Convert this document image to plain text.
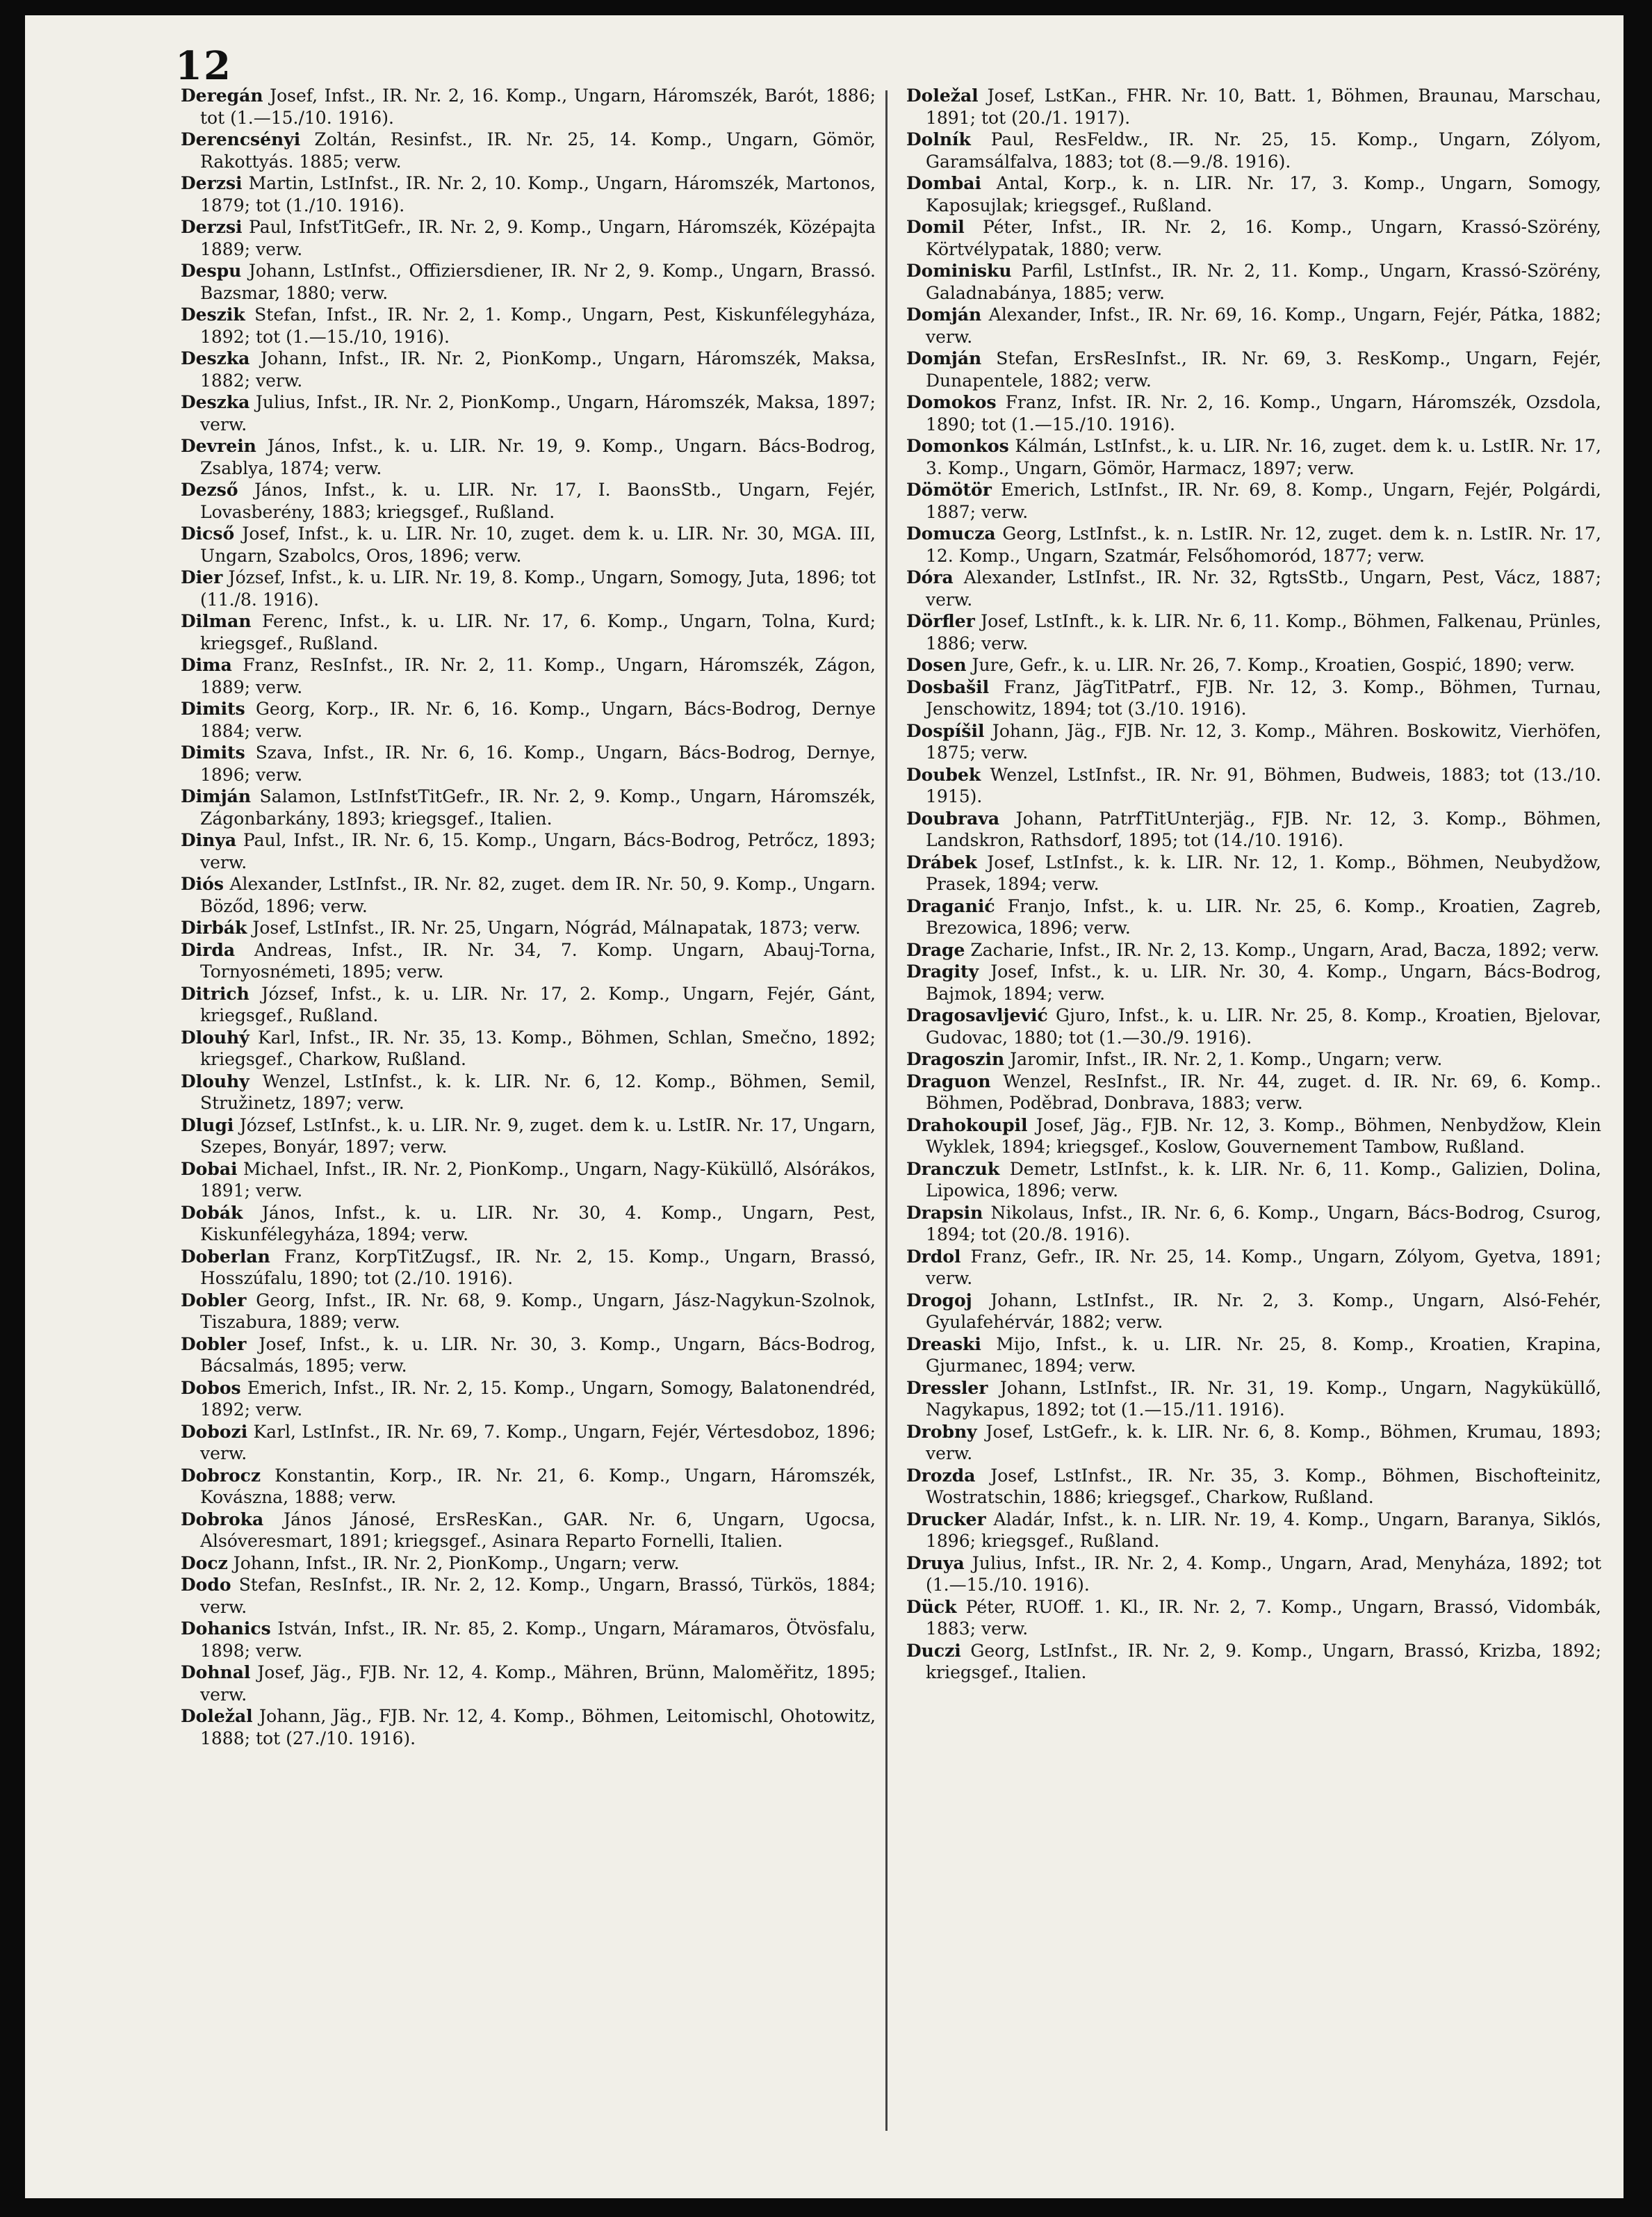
12

Deregán Josef, Infst., IR. Nr. 2, 16. Komp., Ungarn, Háromszék, Barót, 1886; tot (1.—15./10. 1916).

Derencsényi Zoltán, Resinfst., IR. Nr. 25, 14. Komp., Ungarn, Gömör, Rakottyás. 1885; verw.

Derzsi Martin, LstInfst., IR. Nr. 2, 10. Komp., Ungarn, Háromszék, Martonos, 1879; tot (1./10. 1916).

Derzsi Paul, InfstTitGefr., IR. Nr. 2, 9. Komp., Ungarn, Háromszék, Középajta 1889; verw.

Despu Johann, LstInfst., Offiziersdiener, IR. Nr 2, 9. Komp., Ungarn, Brassó. Bazsmar, 1880; verw.

Deszik Stefan, Infst., IR. Nr. 2, 1. Komp., Ungarn, Pest, Kiskunfélegyháza, 1892; tot (1.—15./10, 1916).

Deszka Johann, Infst., IR. Nr. 2, PionKomp., Ungarn, Háromszék, Maksa, 1882; verw.

Deszka Julius, Infst., IR. Nr. 2, PionKomp., Ungarn, Háromszék, Maksa, 1897; verw.

Devrein János, Infst., k. u. LIR. Nr. 19, 9. Komp., Ungarn. Bács-Bodrog, Zsablya, 1874; verw.

Dezső János, Infst., k. u. LIR. Nr. 17, I. BaonsStb., Ungarn, Fejér, Lovasberény, 1883; kriegsgef., Rußland.

Dicső Josef, Infst., k. u. LIR. Nr. 10, zuget. dem k. u. LIR. Nr. 30, MGA. III, Ungarn, Szabolcs, Oros, 1896; verw.

Dier József, Infst., k. u. LIR. Nr. 19, 8. Komp., Ungarn, Somogy, Juta, 1896; tot (11./8. 1916).

Dilman Ferenc, Infst., k. u. LIR. Nr. 17, 6. Komp., Ungarn, Tolna, Kurd; kriegsgef., Rußland.

Dima Franz, ResInfst., IR. Nr. 2, 11. Komp., Ungarn, Háromszék, Zágon, 1889; verw.

Dimits Georg, Korp., IR. Nr. 6, 16. Komp., Ungarn, Bács-Bodrog, Dernye 1884; verw.

Dimits Szava, Infst., IR. Nr. 6, 16. Komp., Ungarn, Bács-Bodrog, Dernye, 1896; verw.

Dimján Salamon, LstInfstTitGefr., IR. Nr. 2, 9. Komp., Ungarn, Háromszék, Zágonbarkány, 1893; kriegsgef., Italien.

Dinya Paul, Infst., IR. Nr. 6, 15. Komp., Ungarn, Bács-Bodrog, Petrőcz, 1893; verw.

Diós Alexander, LstInfst., IR. Nr. 82, zuget. dem IR. Nr. 50, 9. Komp., Ungarn. Böződ, 1896; verw.

Dirbák Josef, LstInfst., IR. Nr. 25, Ungarn, Nógrád, Málnapatak, 1873; verw.

Dirda Andreas, Infst., IR. Nr. 34, 7. Komp. Ungarn, Abauj-Torna, Tornyosnémeti, 1895; verw.

Ditrich József, Infst., k. u. LIR. Nr. 17, 2. Komp., Ungarn, Fejér, Gánt, kriegsgef., Rußland.

Dlouhý Karl, Infst., IR. Nr. 35, 13. Komp., Böhmen, Schlan, Smečno, 1892; kriegsgef., Charkow, Rußland.

Dlouhy Wenzel, LstInfst., k. k. LIR. Nr. 6, 12. Komp., Böhmen, Semil, Stružinetz, 1897; verw.

Dlugi József, LstInfst., k. u. LIR. Nr. 9, zuget. dem k. u. LstIR. Nr. 17, Ungarn, Szepes, Bonyár, 1897; verw.

Dobai Michael, Infst., IR. Nr. 2, PionKomp., Ungarn, Nagy-Küküllő, Alsórákos, 1891; verw.

Dobák János, Infst., k. u. LIR. Nr. 30, 4. Komp., Ungarn, Pest, Kiskunfélegyháza, 1894; verw.

Doberlan Franz, KorpTitZugsf., IR. Nr. 2, 15. Komp., Ungarn, Brassó, Hosszúfalu, 1890; tot (2./10. 1916).

Dobler Georg, Infst., IR. Nr. 68, 9. Komp., Ungarn, Jász-Nagykun-Szolnok, Tiszabura, 1889; verw.

Dobler Josef, Infst., k. u. LIR. Nr. 30, 3. Komp., Ungarn, Bács-Bodrog, Bácsalmás, 1895; verw.

Dobos Emerich, Infst., IR. Nr. 2, 15. Komp., Ungarn, Somogy, Balatonendréd, 1892; verw.

Dobozi Karl, LstInfst., IR. Nr. 69, 7. Komp., Ungarn, Fejér, Vértesdoboz, 1896; verw.

Dobrocz Konstantin, Korp., IR. Nr. 21, 6. Komp., Ungarn, Háromszék, Kovászna, 1888; verw.

Dobroka János Jánosé, ErsResKan., GAR. Nr. 6, Ungarn, Ugocsa, Alsóveresmart, 1891; kriegsgef., Asinara Reparto Fornelli, Italien.

Docz Johann, Infst., IR. Nr. 2, PionKomp., Ungarn; verw.

Dodo Stefan, ResInfst., IR. Nr. 2, 12. Komp., Ungarn, Brassó, Türkös, 1884; verw.

Dohanics István, Infst., IR. Nr. 85, 2. Komp., Ungarn, Máramaros, Ötvösfalu, 1898; verw.

Dohnal Josef, Jäg., FJB. Nr. 12, 4. Komp., Mähren, Brünn, Maloměřitz, 1895; verw.

Doležal Johann, Jäg., FJB. Nr. 12, 4. Komp., Böhmen, Leitomischl, Ohotowitz, 1888; tot (27./10. 1916).

Doležal Josef, LstKan., FHR. Nr. 10, Batt. 1, Böhmen, Braunau, Marschau, 1891; tot (20./1. 1917).

Dolník Paul, ResFeldw., IR. Nr. 25, 15. Komp., Ungarn, Zólyom, Garamsálfalva, 1883; tot (8.—9./8. 1916).

Dombai Antal, Korp., k. n. LIR. Nr. 17, 3. Komp., Ungarn, Somogy, Kaposujlak; kriegsgef., Rußland.

Domil Péter, Infst., IR. Nr. 2, 16. Komp., Ungarn, Krassó-Szörény, Körtvélypatak, 1880; verw.

Dominisku Parfil, LstInfst., IR. Nr. 2, 11. Komp., Ungarn, Krassó-Szörény, Galadnabánya, 1885; verw.

Domján Alexander, Infst., IR. Nr. 69, 16. Komp., Ungarn, Fejér, Pátka, 1882; verw.

Domján Stefan, ErsResInfst., IR. Nr. 69, 3. ResKomp., Ungarn, Fejér, Dunapentele, 1882; verw.

Domokos Franz, Infst. IR. Nr. 2, 16. Komp., Ungarn, Háromszék, Ozsdola, 1890; tot (1.—15./10. 1916).

Domonkos Kálmán, LstInfst., k. u. LIR. Nr. 16, zuget. dem k. u. LstIR. Nr. 17, 3. Komp., Ungarn, Gömör, Harmacz, 1897; verw.

Dömötör Emerich, LstInfst., IR. Nr. 69, 8. Komp., Ungarn, Fejér, Polgárdi, 1887; verw.

Domucza Georg, LstInfst., k. n. LstIR. Nr. 12, zuget. dem k. n. LstIR. Nr. 17, 12. Komp., Ungarn, Szatmár, Felsőhomoród, 1877; verw.

Dóra Alexander, LstInfst., IR. Nr. 32, RgtsStb., Ungarn, Pest, Vácz, 1887; verw.

Dörfler Josef, LstInft., k. k. LIR. Nr. 6, 11. Komp., Böhmen, Falkenau, Prünles, 1886; verw.

Dosen Jure, Gefr., k. u. LIR. Nr. 26, 7. Komp., Kroatien, Gospić, 1890; verw.

Dosbašil Franz, JägTitPatrf., FJB. Nr. 12, 3. Komp., Böhmen, Turnau, Jenschowitz, 1894; tot (3./10. 1916).

Dospíšil Johann, Jäg., FJB. Nr. 12, 3. Komp., Mähren. Boskowitz, Vierhöfen, 1875; verw.

Doubek Wenzel, LstInfst., IR. Nr. 91, Böhmen, Budweis, 1883; tot (13./10. 1915).

Doubrava Johann, PatrfTitUnterjäg., FJB. Nr. 12, 3. Komp., Böhmen, Landskron, Rathsdorf, 1895; tot (14./10. 1916).

Drábek Josef, LstInfst., k. k. LIR. Nr. 12, 1. Komp., Böhmen, Neubydžow, Prasek, 1894; verw.

Draganić Franjo, Infst., k. u. LIR. Nr. 25, 6. Komp., Kroatien, Zagreb, Brezowica, 1896; verw.

Drage Zacharie, Infst., IR. Nr. 2, 13. Komp., Ungarn, Arad, Bacza, 1892; verw.

Dragity Josef, Infst., k. u. LIR. Nr. 30, 4. Komp., Ungarn, Bács-Bodrog, Bajmok, 1894; verw.

Dragosavljević Gjuro, Infst., k. u. LIR. Nr. 25, 8. Komp., Kroatien, Bjelovar, Gudovac, 1880; tot (1.—30./9. 1916).

Dragoszin Jaromir, Infst., IR. Nr. 2, 1. Komp., Ungarn; verw.

Draguon Wenzel, ResInfst., IR. Nr. 44, zuget. d. IR. Nr. 69, 6. Komp.. Böhmen, Poděbrad, Donbrava, 1883; verw.

Drahokoupil Josef, Jäg., FJB. Nr. 12, 3. Komp., Böhmen, Nenbydžow, Klein Wyklek, 1894; kriegsgef., Koslow, Gouvernement Tambow, Rußland.

Dranczuk Demetr, LstInfst., k. k. LIR. Nr. 6, 11. Komp., Galizien, Dolina, Lipowica, 1896; verw.

Drapsin Nikolaus, Infst., IR. Nr. 6, 6. Komp., Ungarn, Bács-Bodrog, Csurog, 1894; tot (20./8. 1916).

Drdol Franz, Gefr., IR. Nr. 25, 14. Komp., Ungarn, Zólyom, Gyetva, 1891; verw.

Drogoj Johann, LstInfst., IR. Nr. 2, 3. Komp., Ungarn, Alsó-Fehér, Gyulafehérvár, 1882; verw.

Dreaski Mijo, Infst., k. u. LIR. Nr. 25, 8. Komp., Kroatien, Krapina, Gjurmanec, 1894; verw.

Dressler Johann, LstInfst., IR. Nr. 31, 19. Komp., Ungarn, Nagyküküllő, Nagykapus, 1892; tot (1.—15./11. 1916).

Drobny Josef, LstGefr., k. k. LIR. Nr. 6, 8. Komp., Böhmen, Krumau, 1893; verw.

Drozda Josef, LstInfst., IR. Nr. 35, 3. Komp., Böhmen, Bischofteinitz, Wostratschin, 1886; kriegsgef., Charkow, Rußland.

Drucker Aladár, Infst., k. n. LIR. Nr. 19, 4. Komp., Ungarn, Baranya, Siklós, 1896; kriegsgef., Rußland.

Druya Julius, Infst., IR. Nr. 2, 4. Komp., Ungarn, Arad, Menyháza, 1892; tot (1.—15./10. 1916).

Dück Péter, RUOff. 1. Kl., IR. Nr. 2, 7. Komp., Ungarn, Brassó, Vidombák, 1883; verw.

Duczi Georg, LstInfst., IR. Nr. 2, 9. Komp., Ungarn, Brassó, Krizba, 1892; kriegsgef., Italien.
